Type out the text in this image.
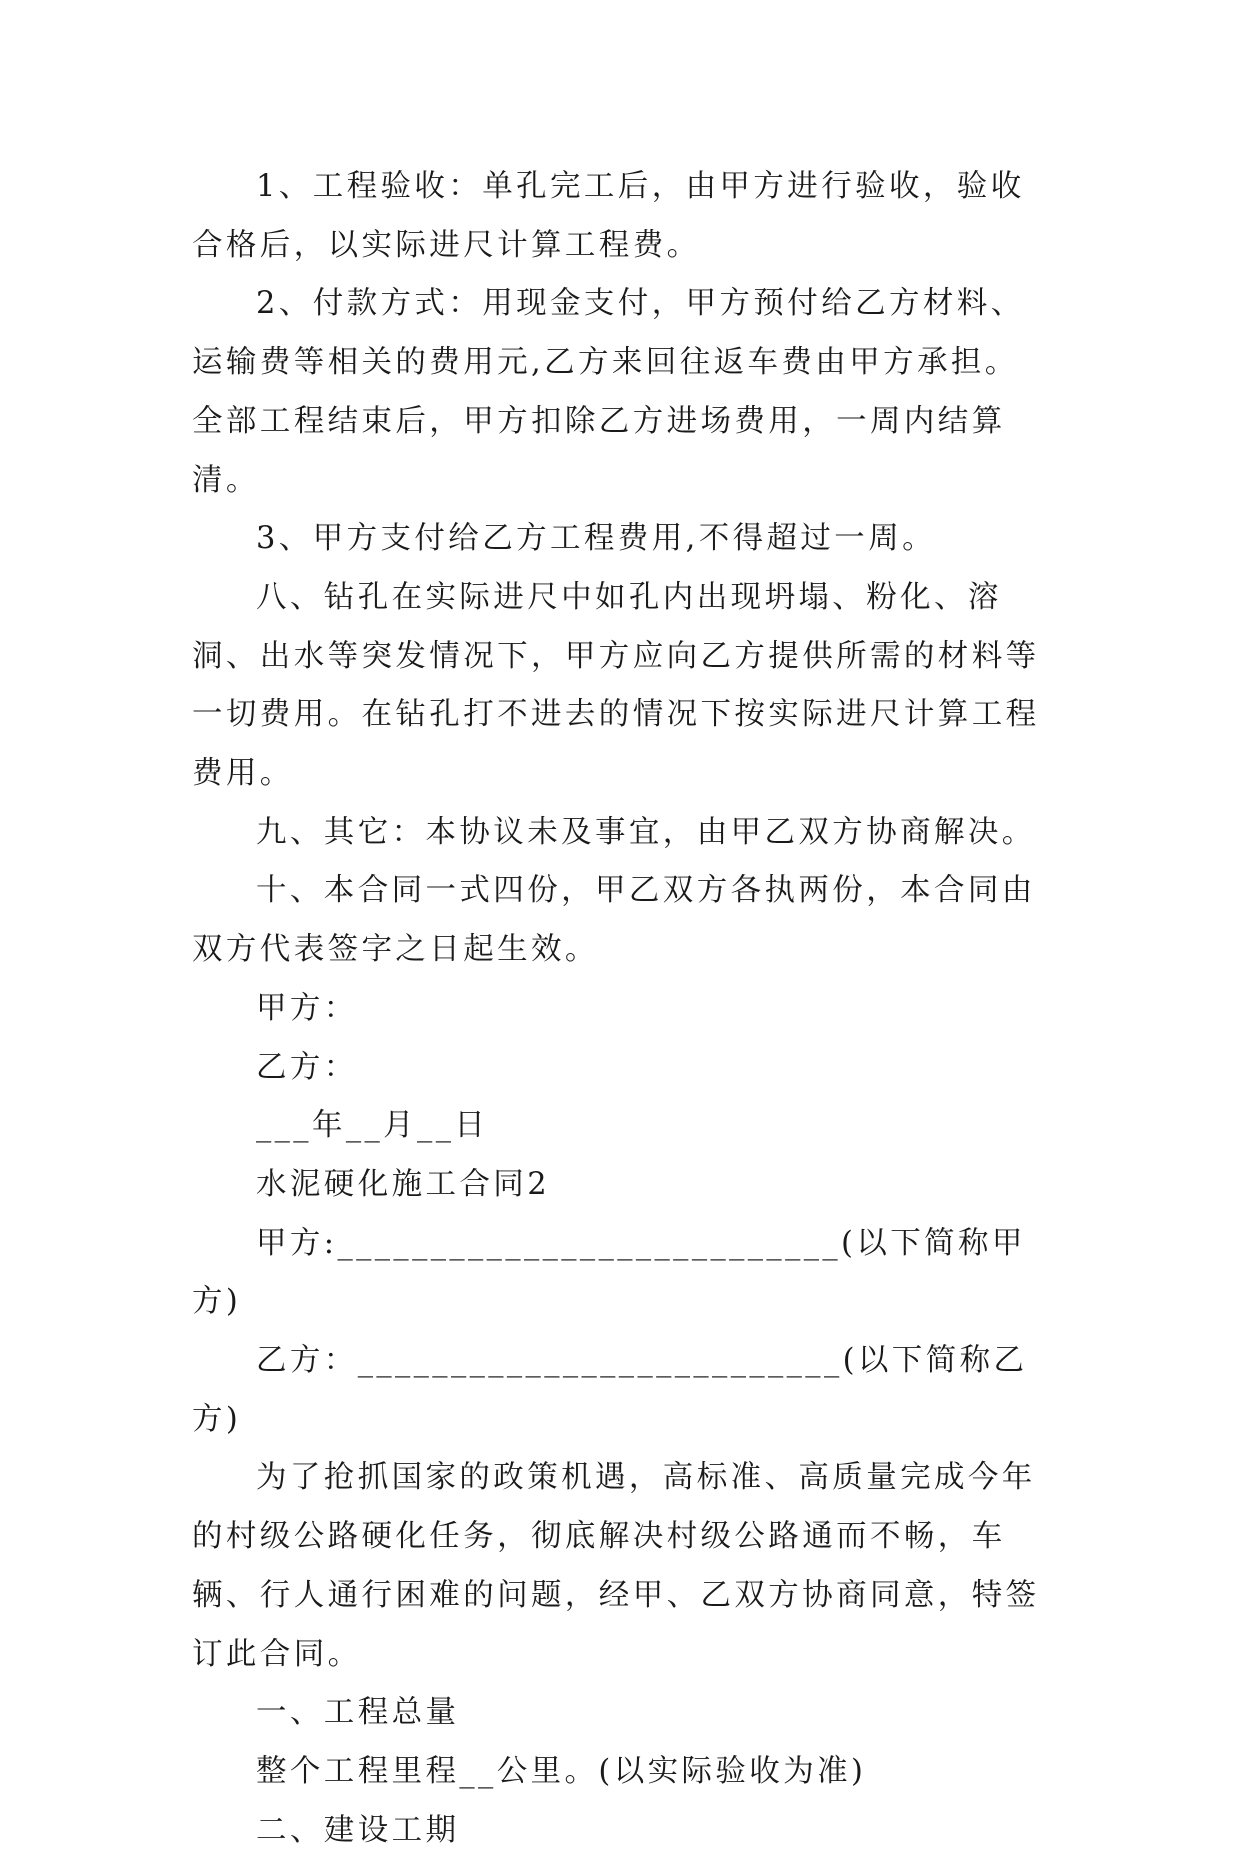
1、工程验收：单孔完工后，由甲方进行验收，验收合格后，以实际进尺计算工程费。

2、付款方式：用现金支付，甲方预付给乙方材料、运输费等相关的费用元,乙方来回往返车费由甲方承担。全部工程结束后，甲方扣除乙方进场费用，一周内结算清。

3、甲方支付给乙方工程费用,不得超过一周。

八、钻孔在实际进尺中如孔内出现坍塌、粉化、溶洞、出水等突发情况下，甲方应向乙方提供所需的材料等一切费用。在钻孔打不进去的情况下按实际进尺计算工程费用。

九、其它：本协议未及事宜，由甲乙双方协商解决。

十、本合同一式四份，甲乙双方各执两份，本合同由双方代表签字之日起生效。

甲方：

乙方：

___年__月__日

水泥硬化施工合同2

甲方:___________________________(以下简称甲方)

乙方：__________________________(以下简称乙方)

为了抢抓国家的政策机遇，高标准、高质量完成今年的村级公路硬化任务，彻底解决村级公路通而不畅，车辆、行人通行困难的问题，经甲、乙双方协商同意，特签订此合同。

一、工程总量

整个工程里程__公里。(以实际验收为准)

二、建设工期
